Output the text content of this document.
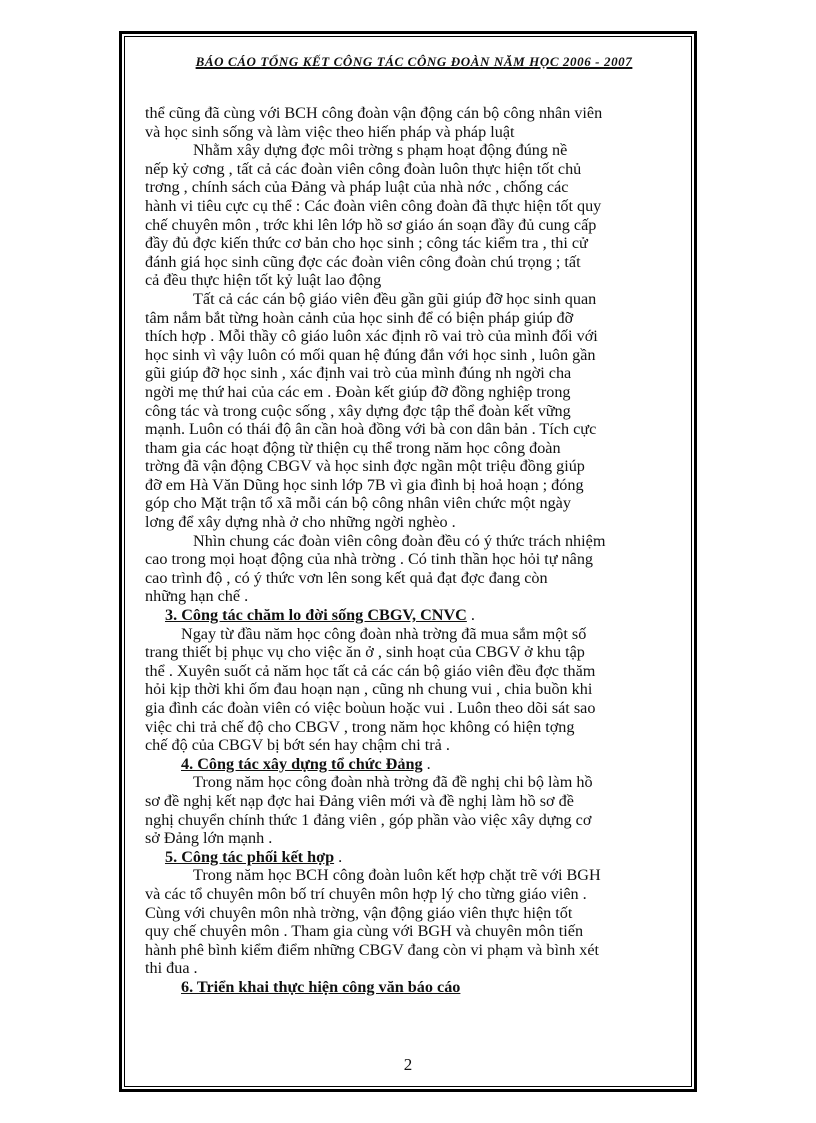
BÁO CÁO TỔNG KẾT CÔNG TÁC CÔNG ĐOÀN NĂM HỌC 2006 - 2007
thể cũng đã cùng với BCH công đoàn vận động cán bộ công nhân viên
và học sinh sống và làm việc theo hiến pháp và pháp luật
Nhằm xây dựng đợc môi trờng s phạm hoạt động đúng nề
nếp kỷ cơng , tất cả các đoàn viên công đoàn luôn thực hiện tốt chủ
trơng , chính sách của Đảng và pháp luật của nhà nớc , chống các
hành vi tiêu cực cụ thể : Các đoàn viên công đoàn đã thực hiện tốt quy
chế chuyên môn , trớc khi lên lớp hồ sơ giáo án soạn đầy đủ cung cấp
đầy đủ đợc kiến thức cơ bản cho học sinh ; công tác kiểm tra , thi cử
đánh giá học sinh cũng đợc các đoàn viên công đoàn chú trọng ; tất
cả đều thực hiện tốt kỷ luật lao động
Tất cả các cán bộ giáo viên đều gần gũi giúp đỡ học sinh quan
tâm nắm bắt từng hoàn cảnh của học sinh để có biện pháp giúp đỡ
thích hợp . Mỗi thầy cô giáo luôn xác định rõ vai trò của mình đối với
học sinh vì vậy luôn có mối quan hệ đúng đắn với học sinh , luôn gần
gũi giúp đỡ học sinh , xác định vai trò của mình đúng nh ngời cha
ngời mẹ thứ hai của các em . Đoàn kết giúp đỡ đồng nghiệp trong
công tác và trong cuộc sống , xây dựng đợc tập thể đoàn kết vững
mạnh. Luôn có thái độ ân cần hoà đồng với bà con dân bản . Tích cực
tham gia các hoạt động từ thiện cụ thể trong năm học công đoàn
trờng đã vận động CBGV và học sinh đợc ngần một triệu đồng giúp
đỡ em Hà Văn Dũng học sinh lớp 7B vì gia đình bị hoả hoạn ; đóng
góp cho Mặt trận tổ xã mỗi cán bộ công nhân viên chức một ngày
lơng để xây dựng nhà ở cho những ngời nghèo .
Nhìn chung các đoàn viên công đoàn đều có ý thức trách nhiệm
cao trong mọi hoạt động của nhà trờng . Có tinh thần học hỏi tự nâng
cao trình độ , có ý thức vơn lên song kết quả đạt đợc đang còn
những hạn chế .
3. Công tác chăm lo đời sống CBGV, CNVC .
Ngay từ đầu năm học công đoàn nhà trờng đã mua sắm một số
trang thiết bị phục vụ cho việc ăn ở , sinh hoạt của CBGV ở khu tập
thể . Xuyên suốt cả năm học tất cả các cán bộ giáo viên đều đợc thăm
hỏi kịp thời khi ốm đau hoạn nạn , cũng nh chung vui , chia buồn khi
gia đình các đoàn viên có việc boùun hoặc vui . Luôn theo dõi sát sao
việc chi trả chế độ cho CBGV , trong năm học không có hiện tợng
chế độ của CBGV bị bớt sén hay chậm chi trả .
4. Công tác xây dựng tổ chức Đảng .
Trong năm học công đoàn nhà trờng đã đề nghị chi bộ làm hồ
sơ đề nghị kết nạp đợc hai Đảng viên mới và đề nghị làm hồ sơ đề
nghị chuyển chính thức 1 đảng viên , góp phần vào việc xây dựng cơ
sở Đảng lớn mạnh .
5. Công tác phối kết hợp .
Trong năm học BCH công đoàn luôn kết hợp chặt trẽ với BGH
và các tổ chuyên môn bố trí chuyên môn hợp lý cho từng giáo viên .
Cùng với chuyên môn nhà trờng, vận động giáo viên thực hiện tốt
quy chế chuyên môn . Tham gia cùng với BGH và chuyên môn tiến
hành phê bình kiểm điểm những CBGV đang còn vi phạm và bình xét
thi đua .
6. Triển khai thực hiện công văn báo cáo
2
